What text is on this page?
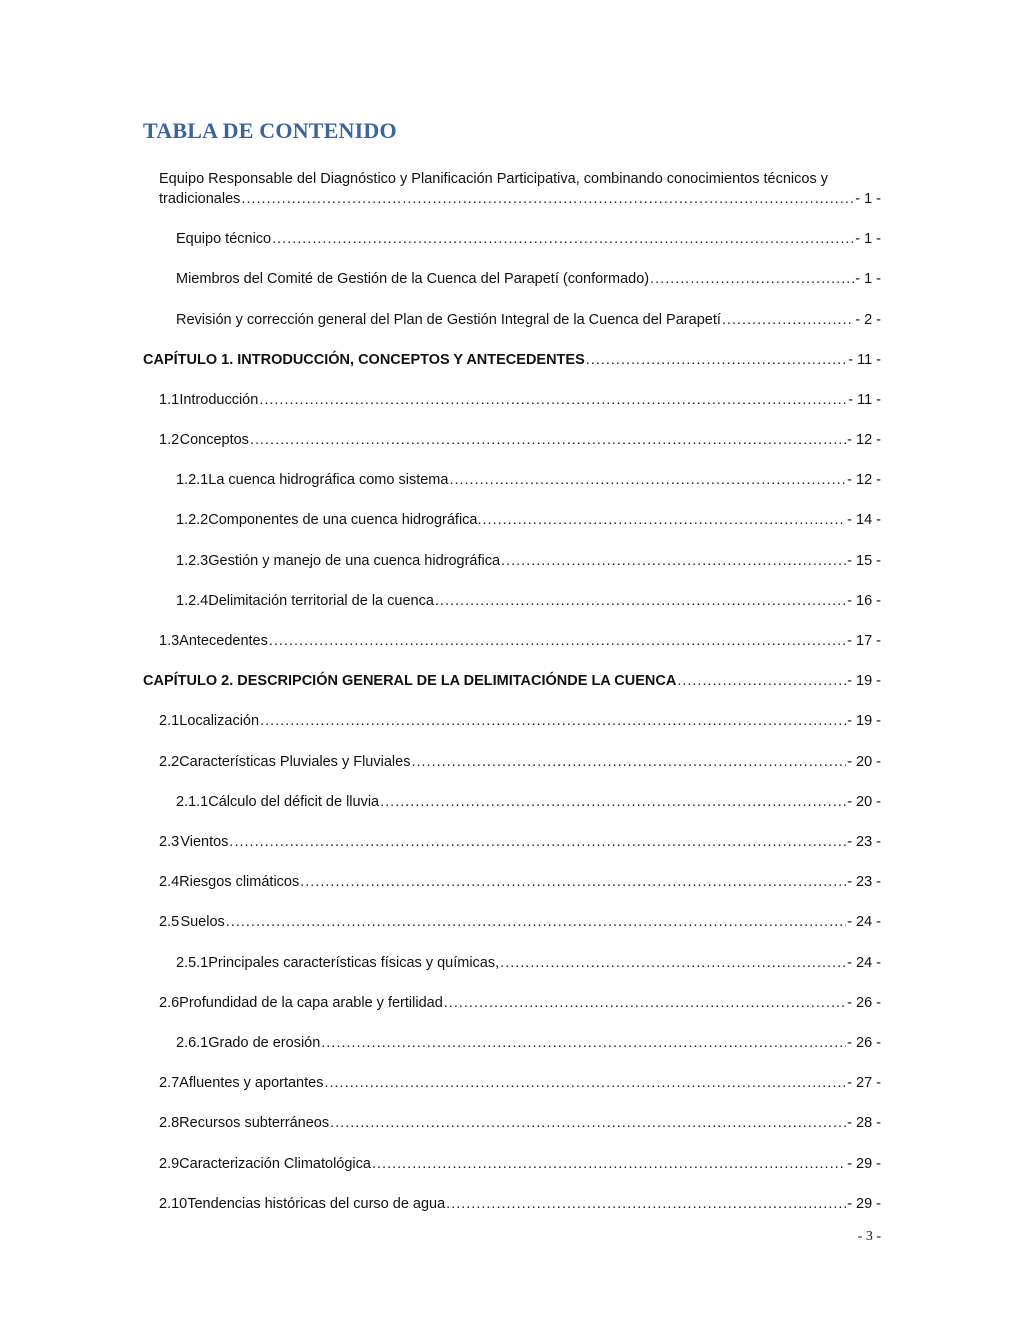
TABLA DE CONTENIDO
Equipo Responsable del Diagnóstico y Planificación Participativa, combinando conocimientos técnicos y
tradicionales .....	- 1 -
Equipo técnico .....	- 1 -
Miembros del Comité de Gestión de la Cuenca del Parapetí (conformado) .....	- 1 -
Revisión y corrección general del Plan de Gestión Integral de la Cuenca del Parapetí .....	- 2 -
CAPÍTULO 1. INTRODUCCIÓN, CONCEPTOS Y ANTECEDENTES .....	- 11 -
1.1 Introducción .....	- 11 -
1.2 Conceptos .....	- 12 -
1.2.1 La cuenca hidrográfica como sistema .....	- 12 -
1.2.2 Componentes de una cuenca hidrográfica. .....	- 14 -
1.2.3 Gestión y manejo de una cuenca hidrográfica .....	- 15 -
1.2.4 Delimitación territorial de la cuenca .....	- 16 -
1.3 Antecedentes .....	- 17 -
CAPÍTULO 2. DESCRIPCIÓN GENERAL DE LA DELIMITACIÓNDE LA CUENCA .....	- 19 -
2.1 Localización .....	- 19 -
2.2 Características Pluviales y Fluviales .....	- 20 -
2.1.1 Cálculo del déficit de lluvia .....	- 20 -
2.3 Vientos .....	- 23 -
2.4 Riesgos climáticos .....	- 23 -
2.5 Suelos .....	- 24 -
2.5.1 Principales características físicas y químicas, .....	- 24 -
2.6 Profundidad de la capa arable y fertilidad .....	- 26 -
2.6.1 Grado de erosión .....	- 26 -
2.7 Afluentes y aportantes .....	- 27 -
2.8 Recursos subterráneos .....	- 28 -
2.9 Caracterización Climatológica .....	- 29 -
2.10 Tendencias históricas del curso de agua .....	- 29 -
- 3 -
